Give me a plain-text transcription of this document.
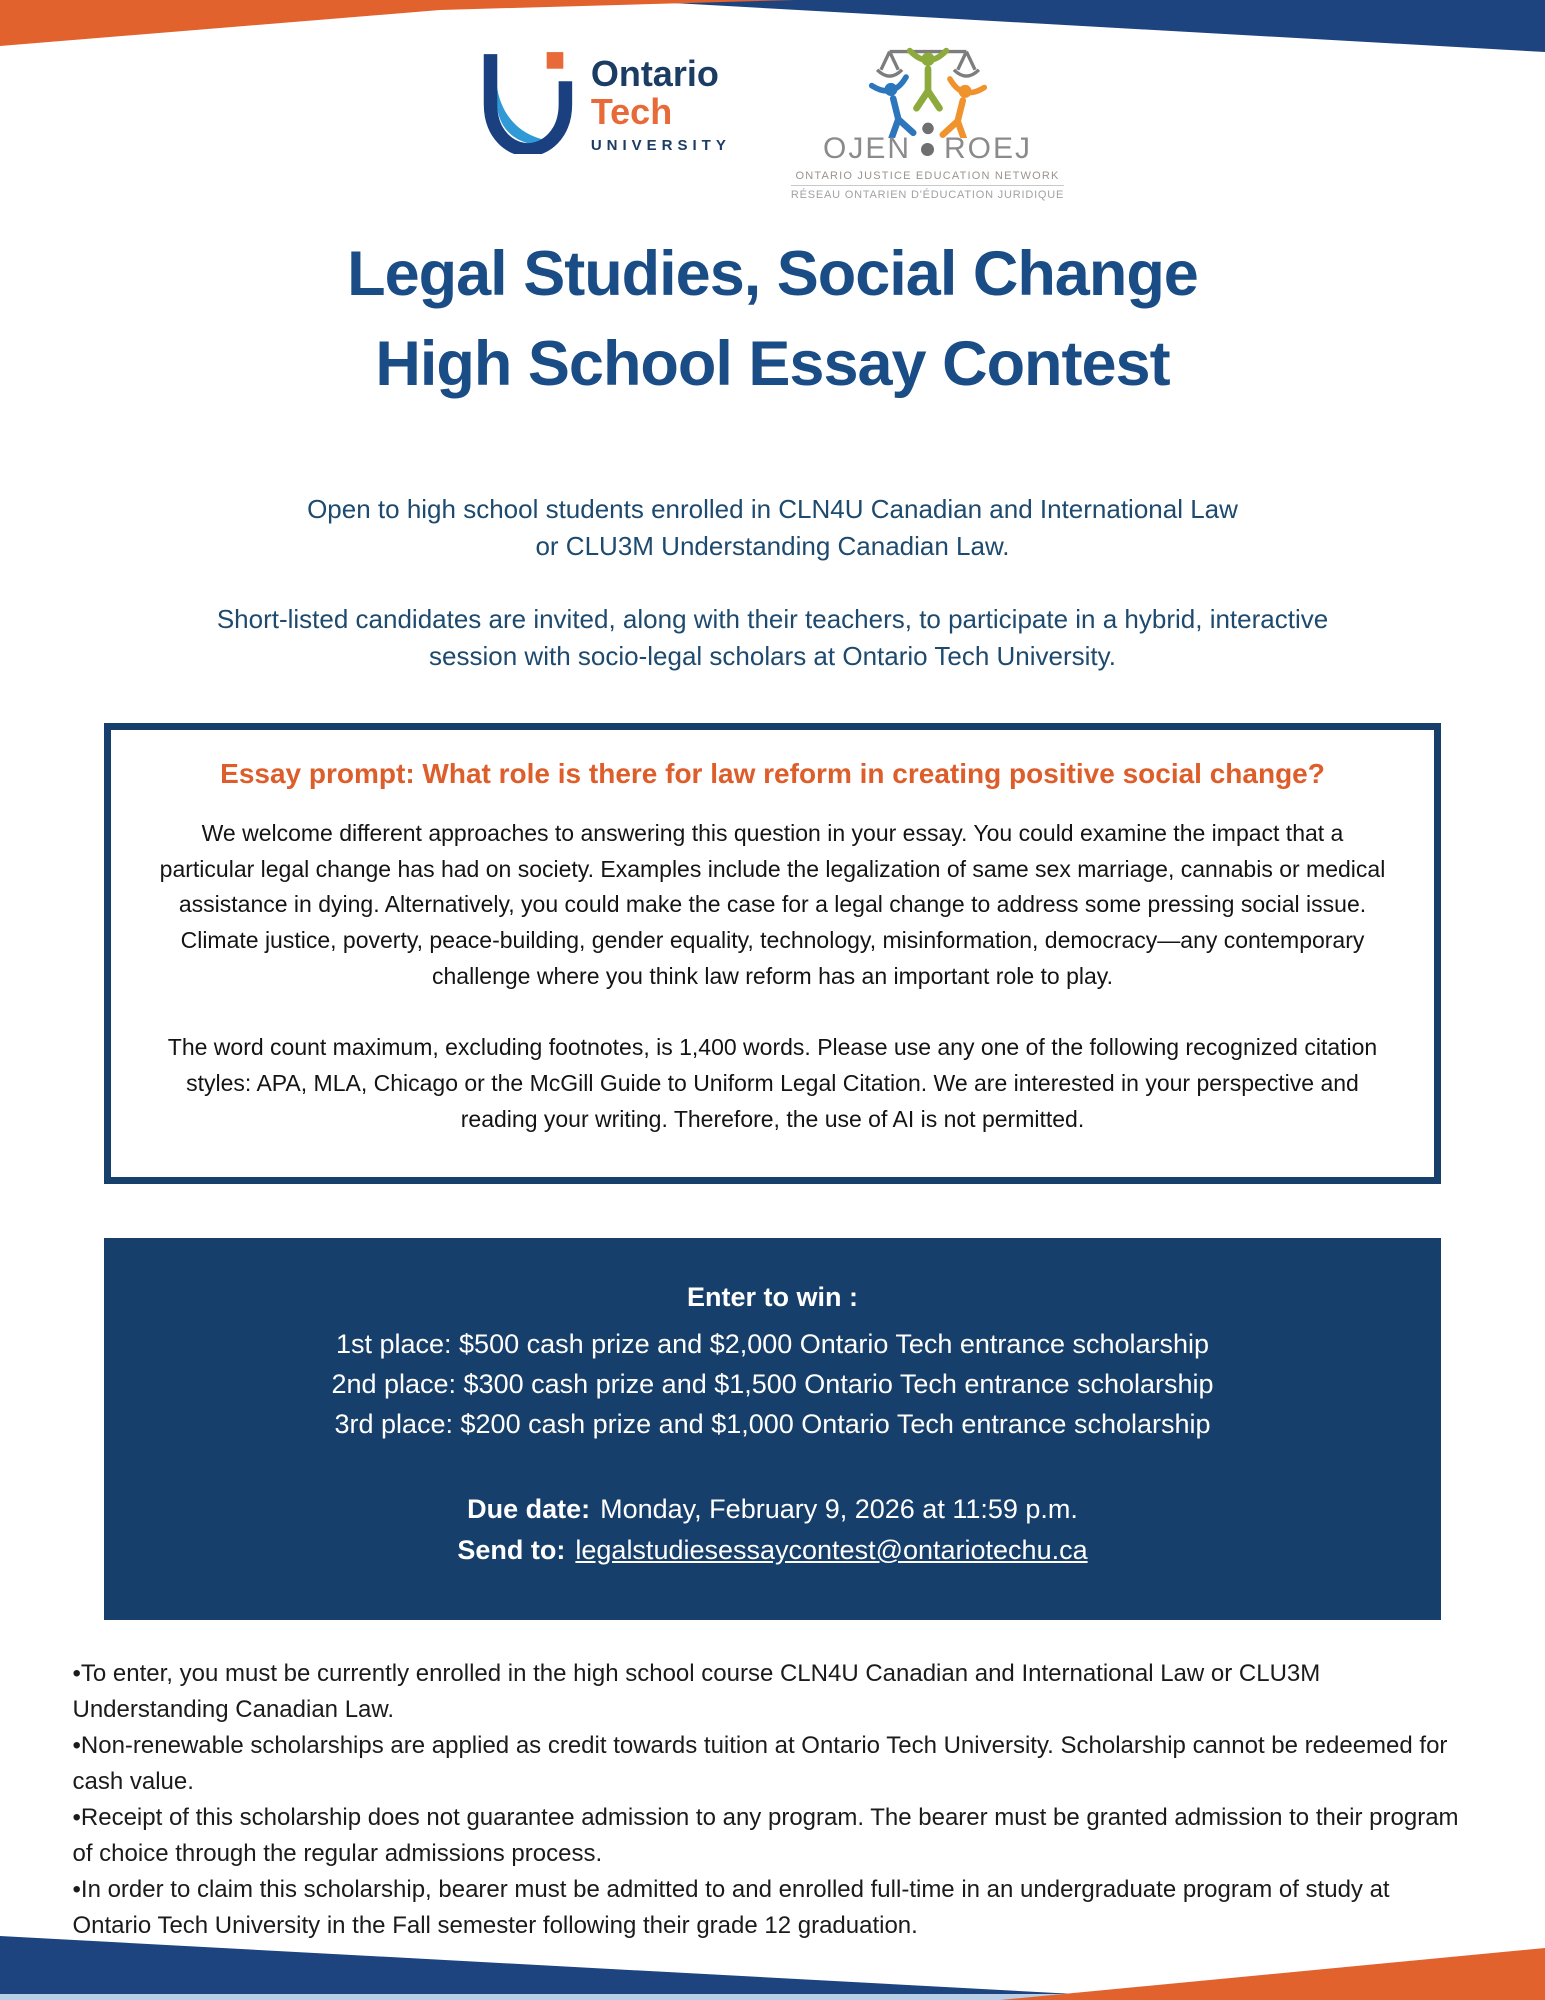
Ontario
Tech
UNIVERSITY	OJEN ROEJ
ONTARIO JUSTICE EDUCATION NETWORK
RÉSEAU ONTARIEN D'ÉDUCATION JURIDIQUE
Legal Studies, Social Change
High School Essay Contest
Open to high school students enrolled in CLN4U Canadian and International Law
or CLU3M Understanding Canadian Law.
Short-listed candidates are invited, along with their teachers, to participate in a hybrid, interactive
session with socio-legal scholars at Ontario Tech University.

Essay prompt: What role is there for law reform in creating positive social change?

We welcome different approaches to answering this question in your essay. You could examine the impact that a particular legal change has had on society. Examples include the legalization of same sex marriage, cannabis or medical assistance in dying. Alternatively, you could make the case for a legal change to address some pressing social issue. Climate justice, poverty, peace-building, gender equality, technology, misinformation, democracy—any contemporary challenge where you think law reform has an important role to play.

The word count maximum, excluding footnotes, is 1,400 words. Please use any one of the following recognized citation styles: APA, MLA, Chicago or the McGill Guide to Uniform Legal Citation. We are interested in your perspective and reading your writing. Therefore, the use of AI is not permitted.

Enter to win :

1st place: $500 cash prize and $2,000 Ontario Tech entrance scholarship
2nd place: $300 cash prize and $1,500 Ontario Tech entrance scholarship
3rd place: $200 cash prize and $1,000 Ontario Tech entrance scholarship
Due date: Monday, February 9, 2026 at 11:59 p.m.
Send to: legalstudiesessaycontest@ontariotechu.ca

•To enter, you must be currently enrolled in the high school course CLN4U Canadian and International Law or CLU3M Understanding Canadian Law.

•Non-renewable scholarships are applied as credit towards tuition at Ontario Tech University. Scholarship cannot be redeemed for cash value.

•Receipt of this scholarship does not guarantee admission to any program. The bearer must be granted admission to their program of choice through the regular admissions process.

•In order to claim this scholarship, bearer must be admitted to and enrolled full-time in an undergraduate program of study at Ontario Tech University in the Fall semester following their grade 12 graduation.
